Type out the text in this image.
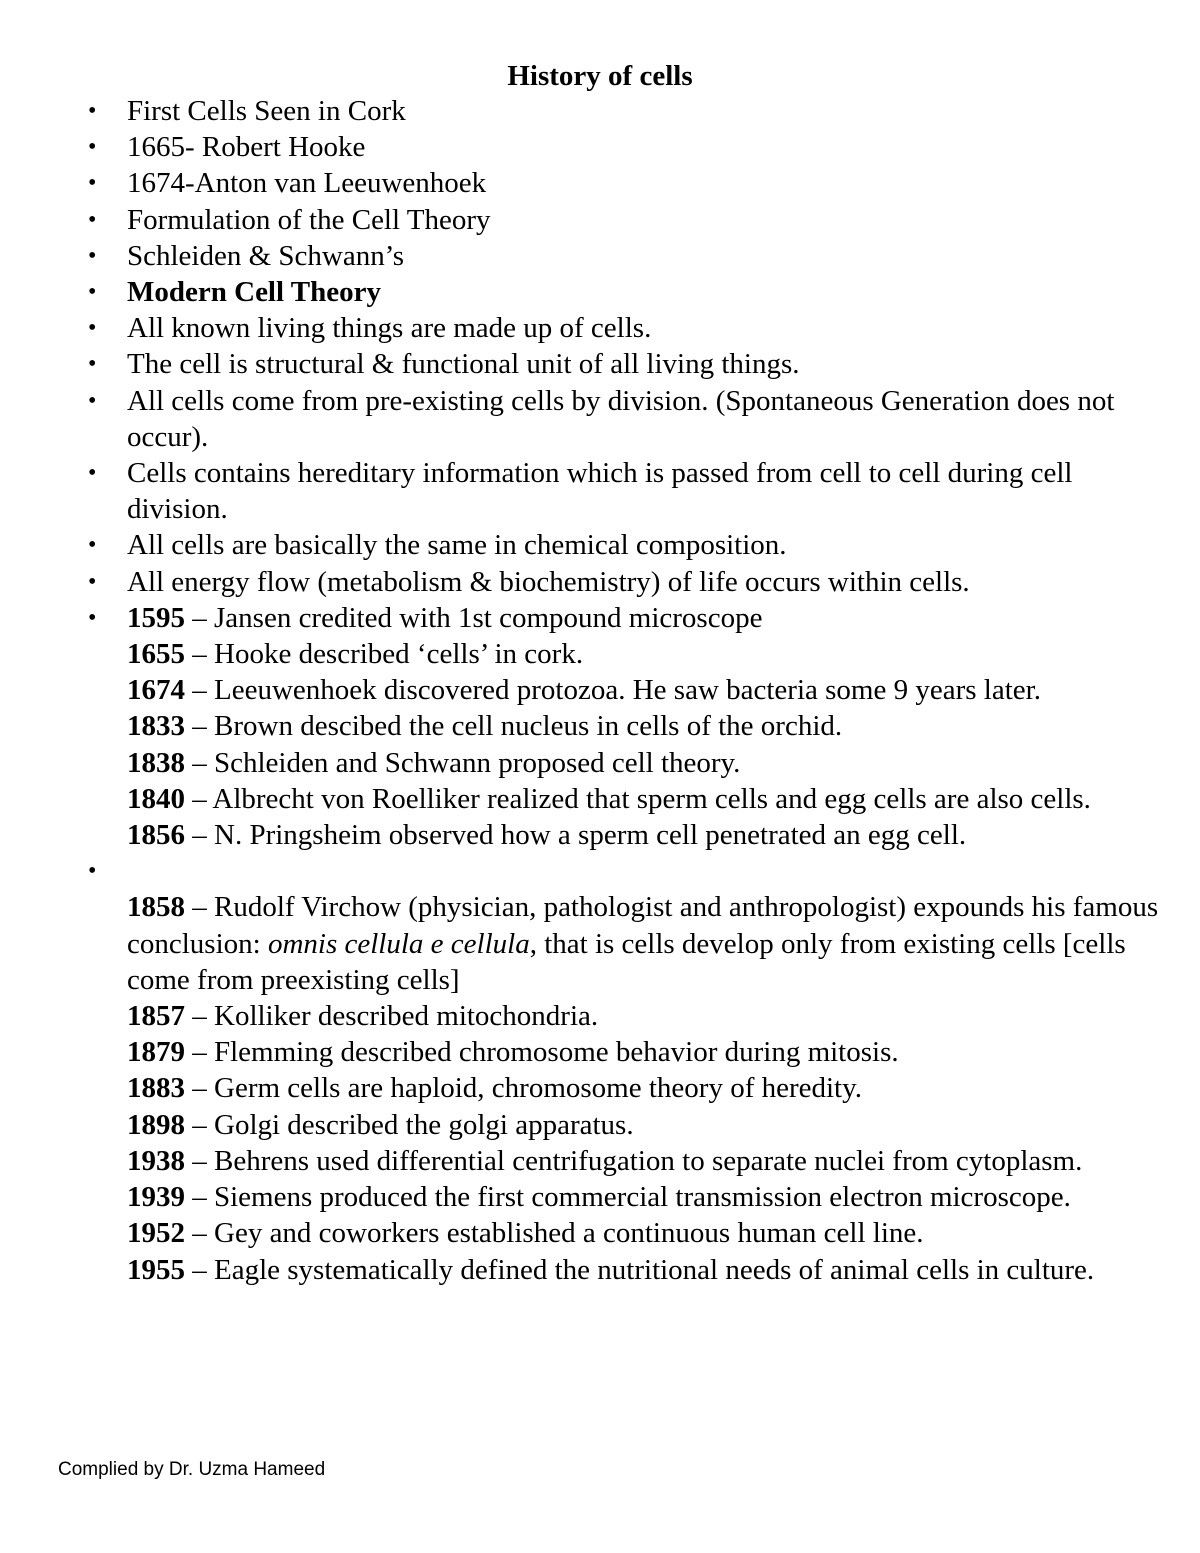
History of cells
•	First Cells Seen in Cork
•	1665- Robert Hooke
•	1674-Anton van Leeuwenhoek
•	Formulation of the Cell Theory
•	Schleiden & Schwann’s
•	Modern Cell Theory
•	All known living things are made up of cells.
•	The cell is structural & functional unit of all living things.
•	All cells come from pre-existing cells by division. (Spontaneous Generation does not occur).
•	Cells contains hereditary information which is passed from cell to cell during cell division.
•	All cells are basically the same in chemical composition.
•	All energy flow (metabolism & biochemistry) of life occurs within cells.
•	1595 – Jansen credited with 1st compound microscope
1655 – Hooke described ‘cells’ in cork.
1674 – Leeuwenhoek discovered protozoa. He saw bacteria some 9 years later.
1833 – Brown descibed the cell nucleus in cells of the orchid.
1838 – Schleiden and Schwann proposed cell theory.
1840 – Albrecht von Roelliker realized that sperm cells and egg cells are also cells.
1856 – N. Pringsheim observed how a sperm cell penetrated an egg cell.
•

1858 – Rudolf Virchow (physician, pathologist and anthropologist) expounds his famous conclusion: omnis cellula e cellula, that is cells develop only from existing cells [cells come from preexisting cells]
1857 – Kolliker described mitochondria.
1879 – Flemming described chromosome behavior during mitosis.
1883 – Germ cells are haploid, chromosome theory of heredity.
1898 – Golgi described the golgi apparatus.
1938 – Behrens used differential centrifugation to separate nuclei from cytoplasm.
1939 – Siemens produced the first commercial transmission electron microscope.
1952 – Gey and coworkers established a continuous human cell line.
1955 – Eagle systematically defined the nutritional needs of animal cells in culture.
Complied by Dr. Uzma Hameed
